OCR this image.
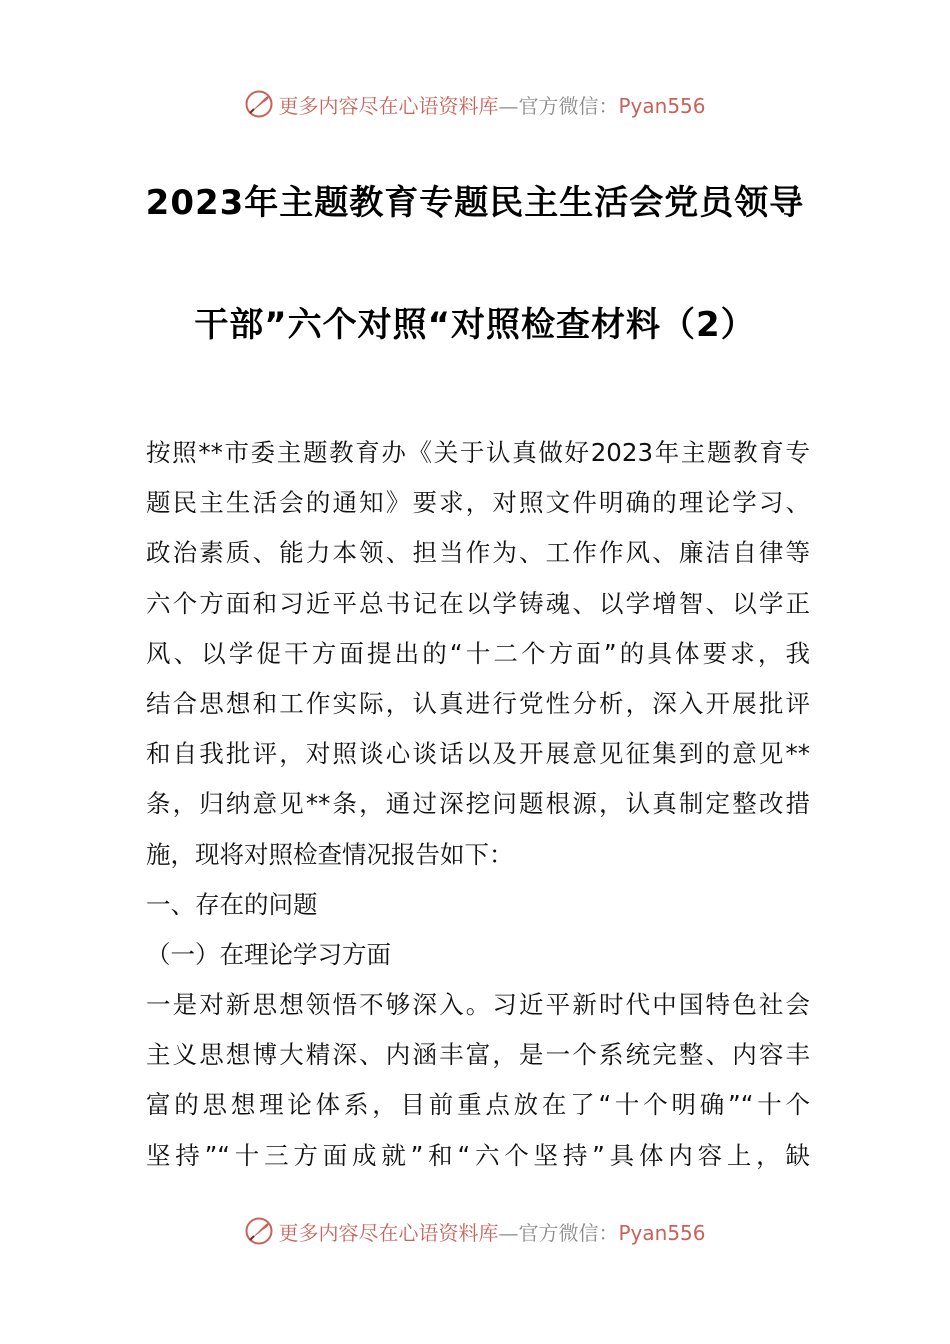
更多内容尽在心语资料库—官方微信：Pyan556
2023年主题教育专题民主生活会党员领导
干部”六个对照“对照检查材料（2）
按照**市委主题教育办《关于认真做好2023年主题教育专
题民主生活会的通知》要求，对照文件明确的理论学习、
政治素质、能力本领、担当作为、工作作风、廉洁自律等
六个方面和习近平总书记在以学铸魂、以学增智、以学正
风、以学促干方面提出的“十二个方面”的具体要求，我
结合思想和工作实际，认真进行党性分析，深入开展批评
和自我批评，对照谈心谈话以及开展意见征集到的意见**
条，归纳意见**条，通过深挖问题根源，认真制定整改措
施，现将对照检查情况报告如下：
一、存在的问题
（一）在理论学习方面
一是对新思想领悟不够深入。习近平新时代中国特色社会
主义思想博大精深、内涵丰富，是一个系统完整、内容丰
富的思想理论体系，目前重点放在了“十个明确”“十个
坚持”“十三方面成就”和“六个坚持”具体内容上，缺
更多内容尽在心语资料库—官方微信：Pyan556
